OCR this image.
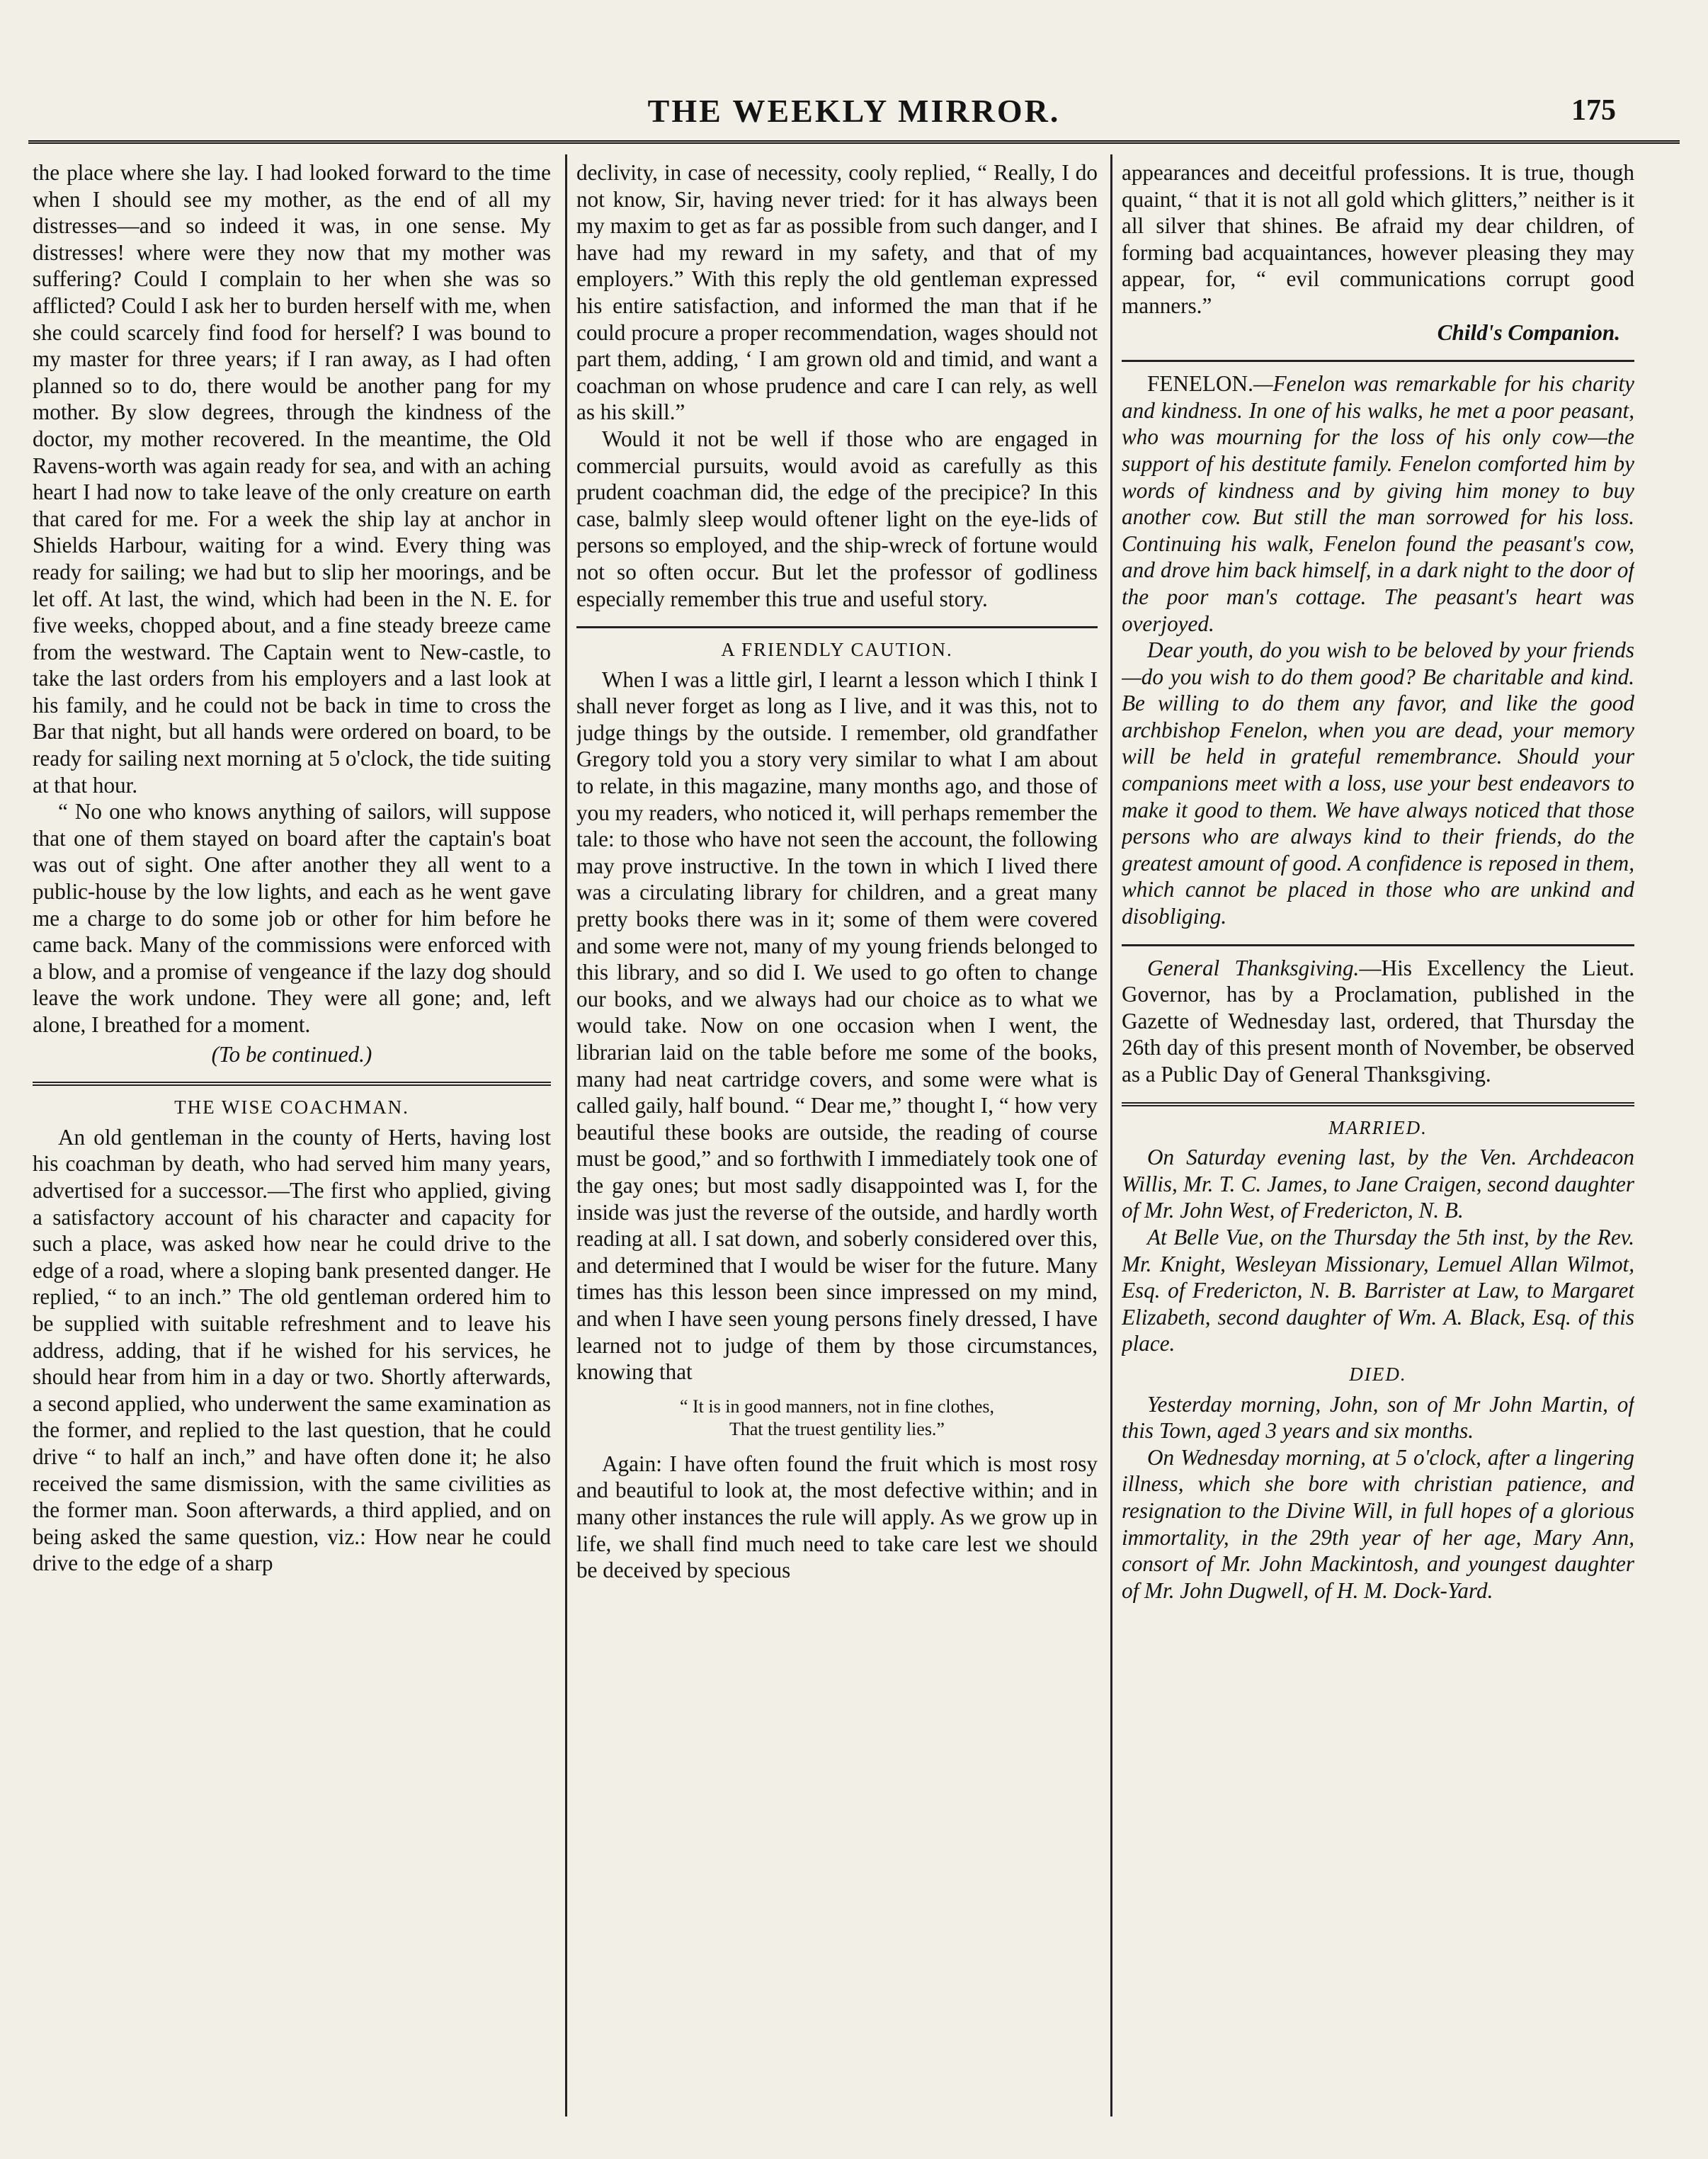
THE WEEKLY MIRROR.	175

the place where she lay. I had looked forward to the time when I should see my mother, as the end of all my distresses—and so indeed it was, in one sense. My distresses! where were they now that my mother was suffering? Could I complain to her when she was so afflicted? Could I ask her to burden herself with me, when she could scarcely find food for herself? I was bound to my master for three years; if I ran away, as I had often planned so to do, there would be another pang for my mother. By slow degrees, through the kindness of the doctor, my mother recovered. In the meantime, the Old Ravens-worth was again ready for sea, and with an aching heart I had now to take leave of the only creature on earth that cared for me. For a week the ship lay at anchor in Shields Harbour, waiting for a wind. Every thing was ready for sailing; we had but to slip her moorings, and be let off. At last, the wind, which had been in the N. E. for five weeks, chopped about, and a fine steady breeze came from the westward. The Captain went to New-castle, to take the last orders from his employers and a last look at his family, and he could not be back in time to cross the Bar that night, but all hands were ordered on board, to be ready for sailing next morning at 5 o'clock, the tide suiting at that hour.

“ No one who knows anything of sailors, will suppose that one of them stayed on board after the captain's boat was out of sight. One after another they all went to a public-house by the low lights, and each as he went gave me a charge to do some job or other for him before he came back. Many of the commissions were enforced with a blow, and a promise of vengeance if the lazy dog should leave the work undone. They were all gone; and, left alone, I breathed for a moment.

(To be continued.)
THE WISE COACHMAN.

An old gentleman in the county of Herts, having lost his coachman by death, who had served him many years, advertised for a successor.—The first who applied, giving a satisfactory account of his character and capacity for such a place, was asked how near he could drive to the edge of a road, where a sloping bank presented danger. He replied, “ to an inch.” The old gentleman ordered him to be supplied with suitable refreshment and to leave his address, adding, that if he wished for his services, he should hear from him in a day or two. Shortly afterwards, a second applied, who underwent the same examination as the former, and replied to the last question, that he could drive “ to half an inch,” and have often done it; he also received the same dismission, with the same civilities as the former man. Soon afterwards, a third applied, and on being asked the same question, viz.: How near he could drive to the edge of a sharp

declivity, in case of necessity, cooly replied, “ Really, I do not know, Sir, having never tried: for it has always been my maxim to get as far as possible from such danger, and I have had my reward in my safety, and that of my employers.” With this reply the old gentleman expressed his entire satisfaction, and informed the man that if he could procure a proper recommendation, wages should not part them, adding, ‘ I am grown old and timid, and want a coachman on whose prudence and care I can rely, as well as his skill.”

Would it not be well if those who are engaged in commercial pursuits, would avoid as carefully as this prudent coachman did, the edge of the precipice? In this case, balmly sleep would oftener light on the eye-lids of persons so employed, and the ship-wreck of fortune would not so often occur. But let the professor of godliness especially remember this true and useful story.

A FRIENDLY CAUTION.

When I was a little girl, I learnt a lesson which I think I shall never forget as long as I live, and it was this, not to judge things by the outside. I remember, old grandfather Gregory told you a story very similar to what I am about to relate, in this magazine, many months ago, and those of you my readers, who noticed it, will perhaps remember the tale: to those who have not seen the account, the following may prove instructive. In the town in which I lived there was a circulating library for children, and a great many pretty books there was in it; some of them were covered and some were not, many of my young friends belonged to this library, and so did I. We used to go often to change our books, and we always had our choice as to what we would take. Now on one occasion when I went, the librarian laid on the table before me some of the books, many had neat cartridge covers, and some were what is called gaily, half bound. “ Dear me,” thought I, “ how very beautiful these books are outside, the reading of course must be good,” and so forthwith I immediately took one of the gay ones; but most sadly disappointed was I, for the inside was just the reverse of the outside, and hardly worth reading at all. I sat down, and soberly considered over this, and determined that I would be wiser for the future. Many times has this lesson been since impressed on my mind, and when I have seen young persons finely dressed, I have learned not to judge of them by those circumstances, knowing that

“ It is in good manners, not in fine clothes,
That the truest gentility lies.”

Again: I have often found the fruit which is most rosy and beautiful to look at, the most defective within; and in many other instances the rule will apply. As we grow up in life, we shall find much need to take care lest we should be deceived by specious

appearances and deceitful professions. It is true, though quaint, “ that it is not all gold which glitters,” neither is it all silver that shines. Be afraid my dear children, of forming bad acquaintances, however pleasing they may appear, for, “ evil communications corrupt good manners.”

Child's Companion.

FENELON.—Fenelon was remarkable for his charity and kindness. In one of his walks, he met a poor peasant, who was mourning for the loss of his only cow—the support of his destitute family. Fenelon comforted him by words of kindness and by giving him money to buy another cow. But still the man sorrowed for his loss. Continuing his walk, Fenelon found the peasant's cow, and drove him back himself, in a dark night to the door of the poor man's cottage. The peasant's heart was overjoyed.

Dear youth, do you wish to be beloved by your friends—do you wish to do them good? Be charitable and kind. Be willing to do them any favor, and like the good archbishop Fenelon, when you are dead, your memory will be held in grateful remembrance. Should your companions meet with a loss, use your best endeavors to make it good to them. We have always noticed that those persons who are always kind to their friends, do the greatest amount of good. A confidence is reposed in them, which cannot be placed in those who are unkind and disobliging.

General Thanksgiving.—His Excellency the Lieut. Governor, has by a Proclamation, published in the Gazette of Wednesday last, ordered, that Thursday the 26th day of this present month of November, be observed as a Public Day of General Thanksgiving.

MARRIED.

On Saturday evening last, by the Ven. Archdeacon Willis, Mr. T. C. James, to Jane Craigen, second daughter of Mr. John West, of Fredericton, N. B.

At Belle Vue, on the Thursday the 5th inst, by the Rev. Mr. Knight, Wesleyan Missionary, Lemuel Allan Wilmot, Esq. of Fredericton, N. B. Barrister at Law, to Margaret Elizabeth, second daughter of Wm. A. Black, Esq. of this place.

DIED.

Yesterday morning, John, son of Mr John Martin, of this Town, aged 3 years and six months.

On Wednesday morning, at 5 o'clock, after a lingering illness, which she bore with christian patience, and resignation to the Divine Will, in full hopes of a glorious immortality, in the 29th year of her age, Mary Ann, consort of Mr. John Mackintosh, and youngest daughter of Mr. John Dugwell, of H. M. Dock-Yard.
